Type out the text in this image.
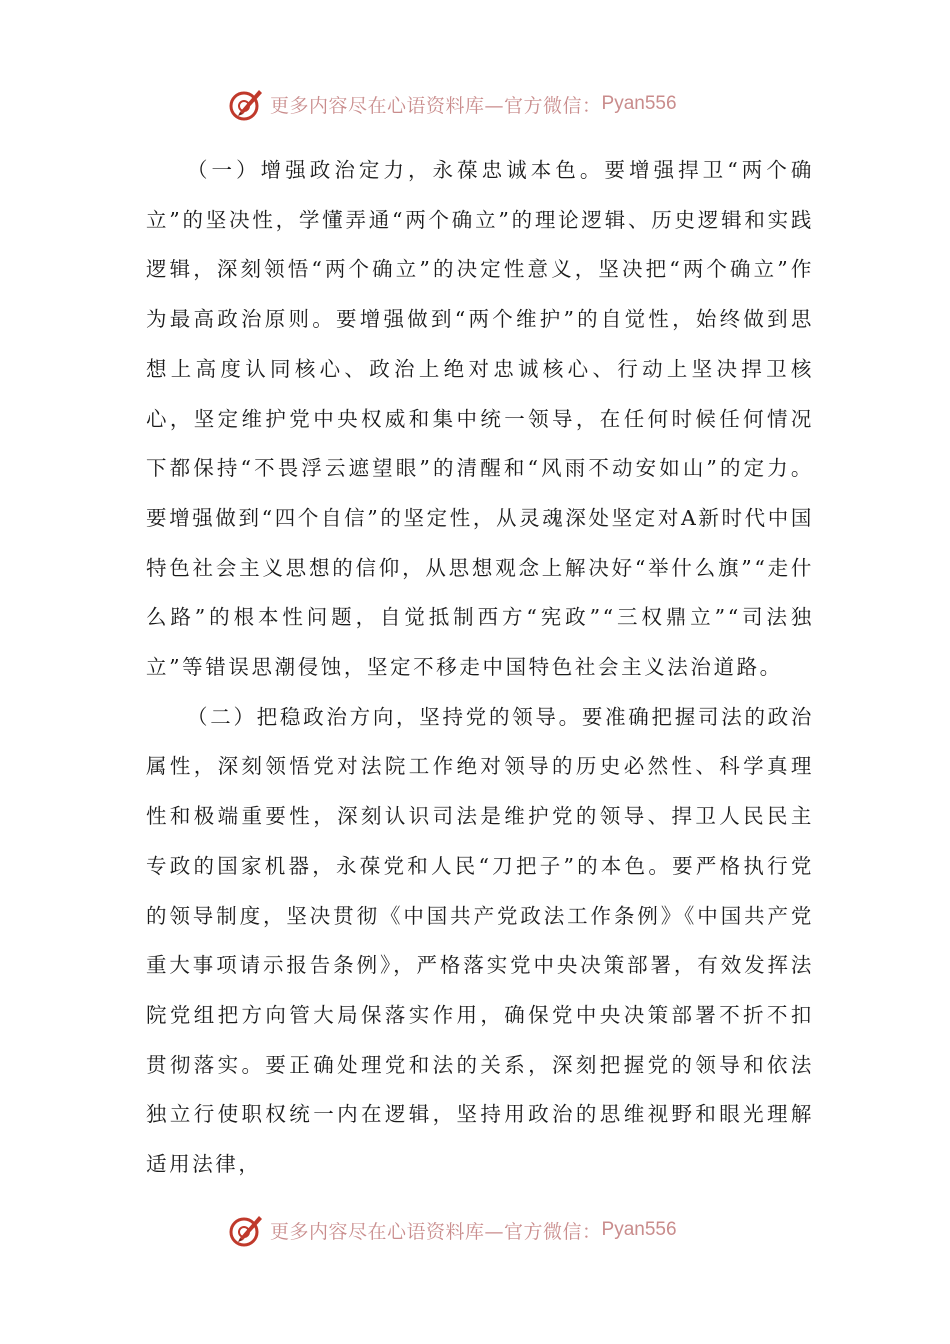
更多内容尽在心语资料库—官方微信： Pyan556

（一）增强政治定力，永葆忠诚本色。要增强捍卫“两个确立”的坚决性，学懂弄通“两个确立”的理论逻辑、历史逻辑和实践逻辑，深刻领悟“两个确立”的决定性意义，坚决把“两个确立”作为最高政治原则。要增强做到“两个维护”的自觉性，始终做到思想上高度认同核心、政治上绝对忠诚核心、行动上坚决捍卫核心，坚定维护党中央权威和集中统一领导，在任何时候任何情况下都保持“不畏浮云遮望眼”的清醒和“风雨不动安如山”的定力。要增强做到“四个自信”的坚定性，从灵魂深处坚定对A新时代中国特色社会主义思想的信仰，从思想观念上解决好“举什么旗”“走什么路”的根本性问题，自觉抵制西方“宪政”“三权鼎立”“司法独立”等错误思潮侵蚀，坚定不移走中国特色社会主义法治道路。

（二）把稳政治方向，坚持党的领导。要准确把握司法的政治属性，深刻领悟党对法院工作绝对领导的历史必然性、科学真理性和极端重要性，深刻认识司法是维护党的领导、捍卫人民民主专政的国家机器，永葆党和人民“刀把子”的本色。要严格执行党的领导制度，坚决贯彻《中国共产党政法工作条例》《中国共产党重大事项请示报告条例》，严格落实党中央决策部署，有效发挥法院党组把方向管大局保落实作用，确保党中央决策部署不折不扣贯彻落实。要正确处理党和法的关系，深刻把握党的领导和依法独立行使职权统一内在逻辑，坚持用政治的思维视野和眼光理解适用法律，

更多内容尽在心语资料库—官方微信： Pyan556
